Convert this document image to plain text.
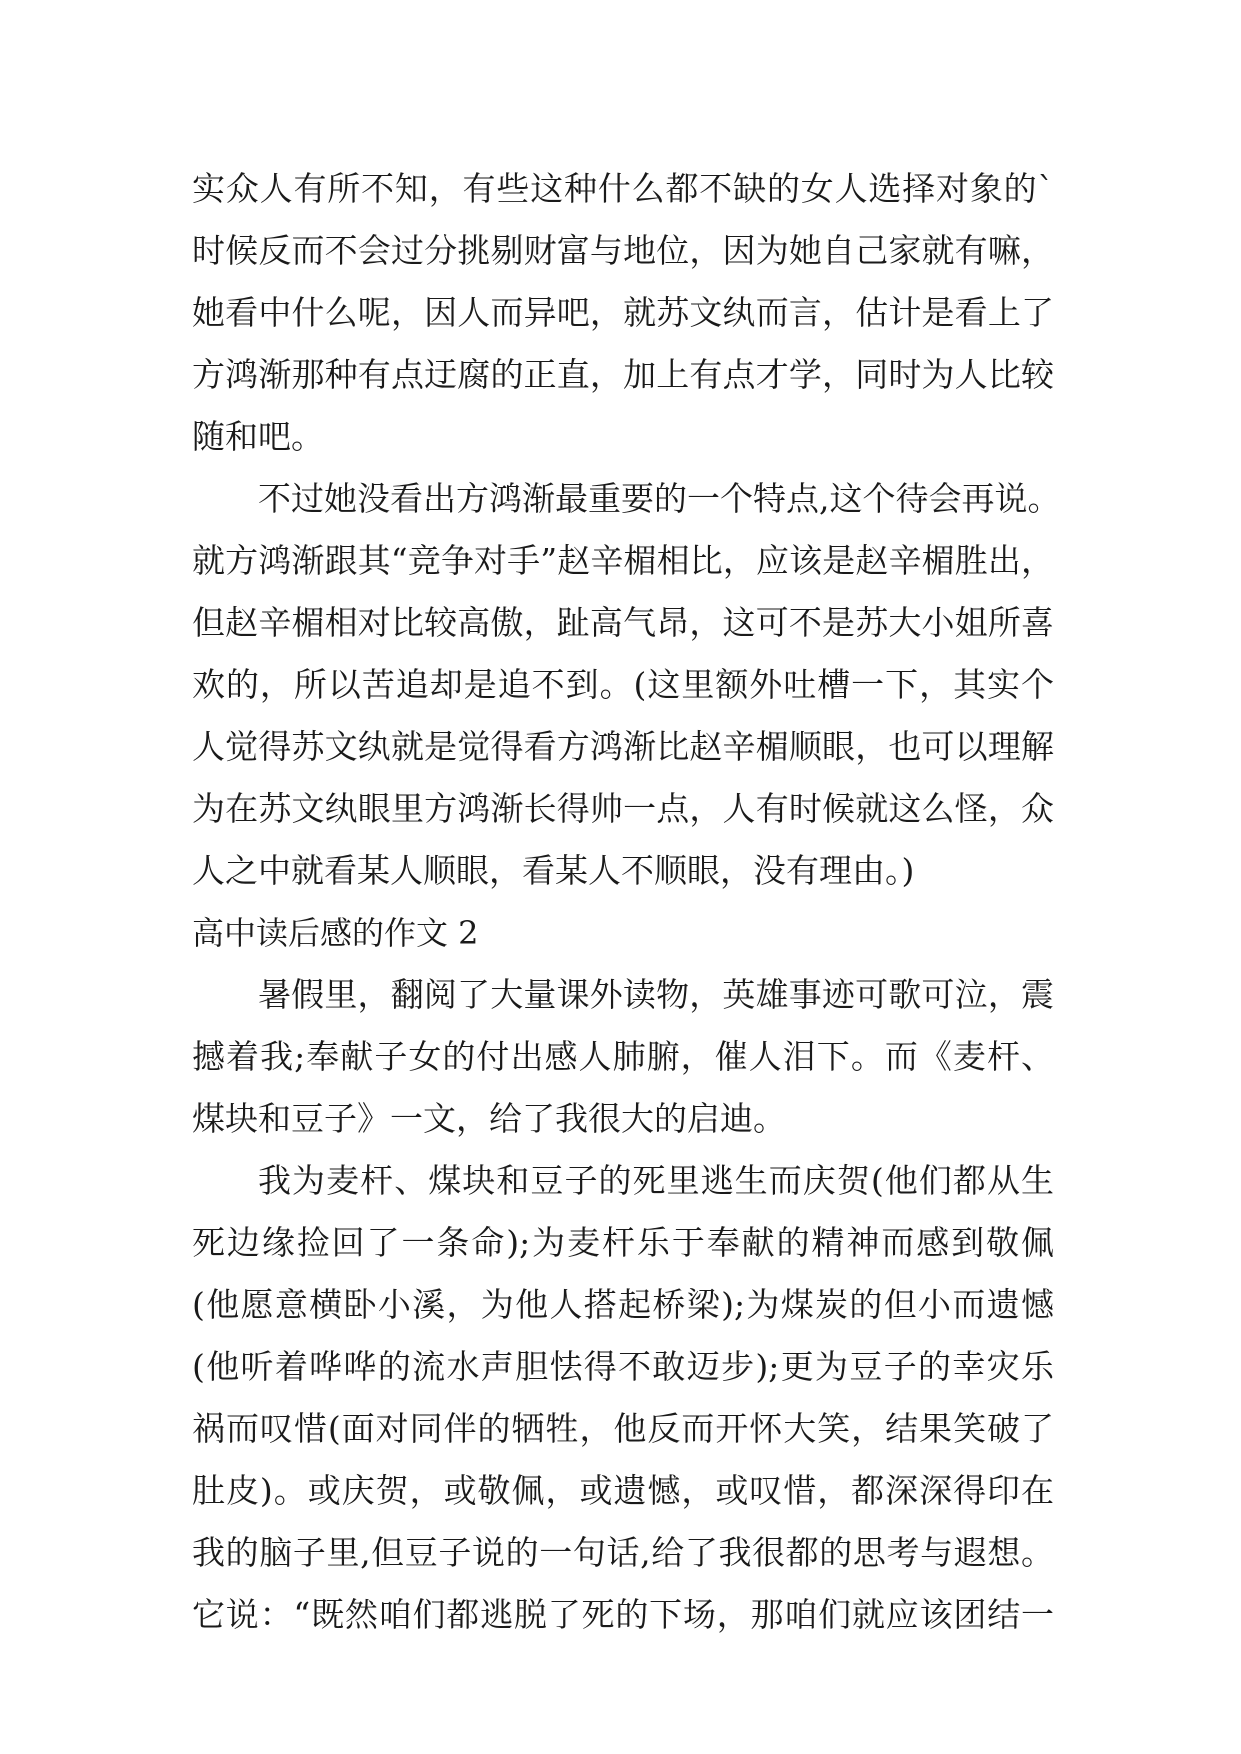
实众人有所不知，有些这种什么都不缺的女人选择对象的`
时候反而不会过分挑剔财富与地位，因为她自己家就有嘛，
她看中什么呢，因人而异吧，就苏文纨而言，估计是看上了
方鸿渐那种有点迂腐的正直，加上有点才学，同时为人比较
随和吧。
不过她没看出方鸿渐最重要的一个特点,这个待会再说。
就方鸿渐跟其“竞争对手”赵辛楣相比，应该是赵辛楣胜出，
但赵辛楣相对比较高傲，趾高气昂，这可不是苏大小姐所喜
欢的，所以苦追却是追不到。(这里额外吐槽一下，其实个
人觉得苏文纨就是觉得看方鸿渐比赵辛楣顺眼，也可以理解
为在苏文纨眼里方鸿渐长得帅一点，人有时候就这么怪，众
人之中就看某人顺眼，看某人不顺眼，没有理由。)
高中读后感的作文 2
暑假里，翻阅了大量课外读物，英雄事迹可歌可泣，震
撼着我;奉献子女的付出感人肺腑，催人泪下。而《麦杆、
煤块和豆子》一文，给了我很大的启迪。
我为麦杆、煤块和豆子的死里逃生而庆贺(他们都从生
死边缘捡回了一条命);为麦杆乐于奉献的精神而感到敬佩
(他愿意横卧小溪，为他人搭起桥梁);为煤炭的但小而遗憾
(他听着哗哗的流水声胆怯得不敢迈步);更为豆子的幸灾乐
祸而叹惜(面对同伴的牺牲，他反而开怀大笑，结果笑破了
肚皮)。或庆贺，或敬佩，或遗憾，或叹惜，都深深得印在
我的脑子里,但豆子说的一句话,给了我很都的思考与遐想。
它说：“既然咱们都逃脱了死的下场，那咱们就应该团结一
